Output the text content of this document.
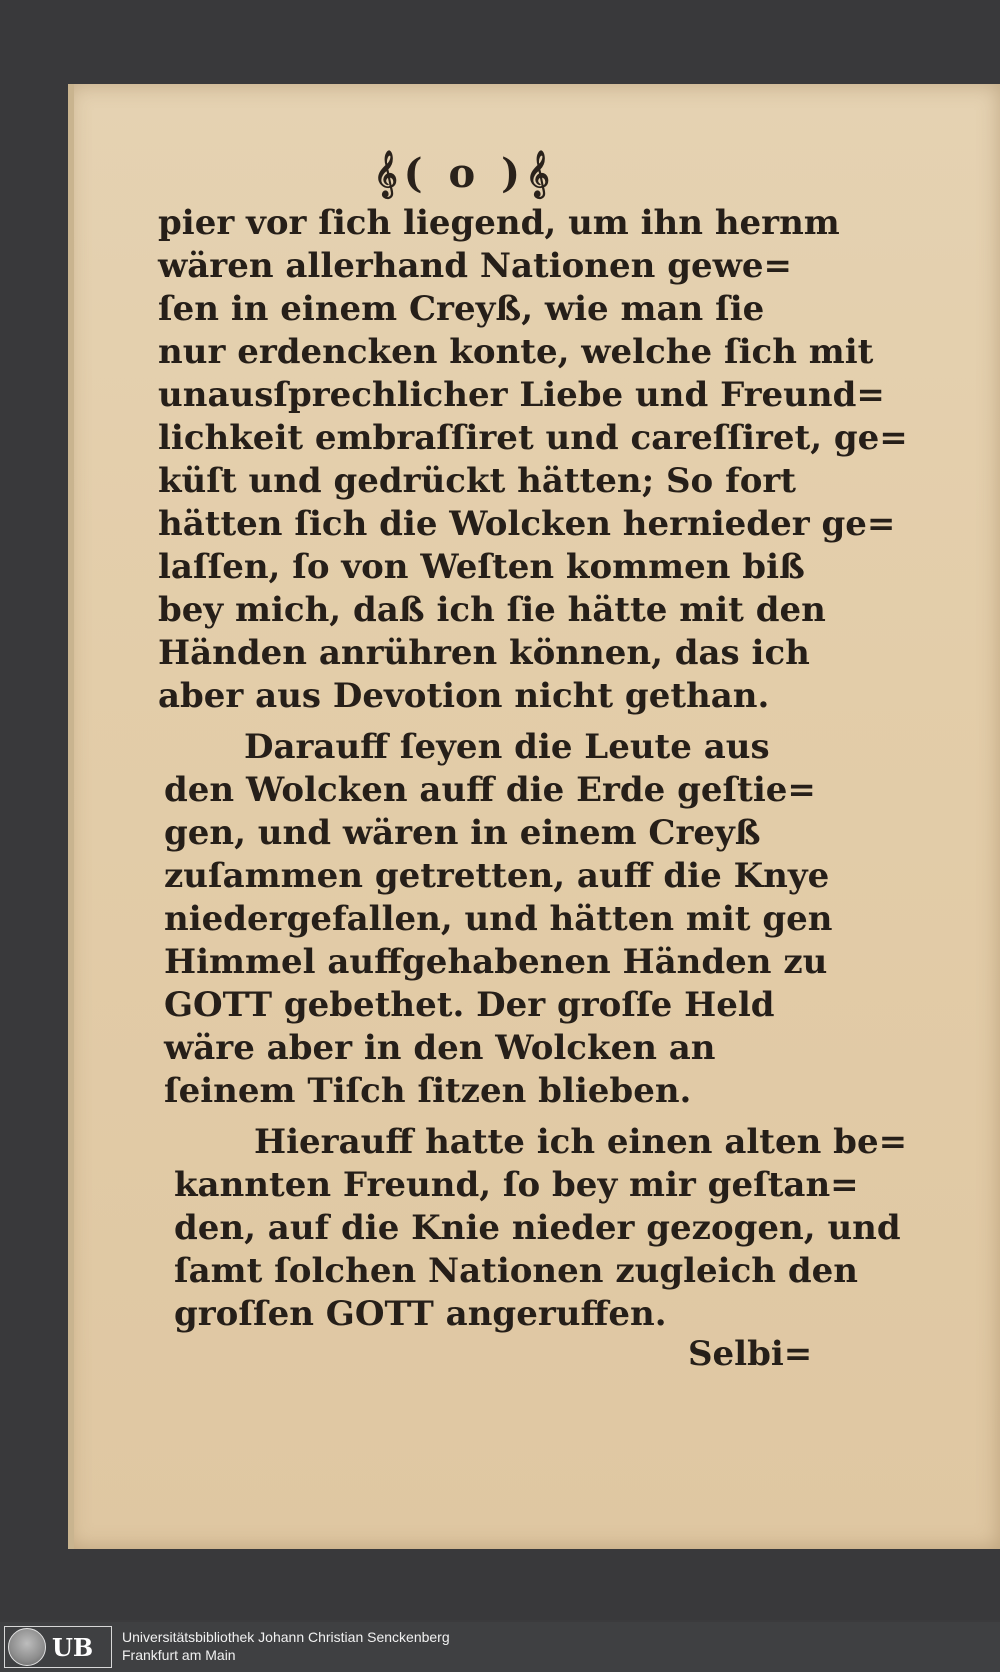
𝄞( o )𝄞
pier vor ſich liegend, um ihn hernm
wären allerhand Nationen gewe=
ſen in einem Creyß, wie man ſie
nur erdencken konte, welche ſich mit
unausſprechlicher Liebe und Freund=
lichkeit embraſſiret und careſſiret, ge=
küſt und gedrückt hätten; So fort
hätten ſich die Wolcken hernieder ge=
laſſen, ſo von Weſten kommen biß
bey mich, daß ich ſie hätte mit den
Händen anrühren können, das ich
aber aus Devotion nicht gethan.
Darauff ſeyen die Leute aus
den Wolcken auff die Erde geſtie=
gen, und wären in einem Creyß
zuſammen getretten, auff die Knye
niedergefallen, und hätten mit gen
Himmel auffgehabenen Händen zu
GOTT gebethet. Der groſſe Held
wäre aber in den Wolcken an
ſeinem Tiſch ſitzen blieben.
Hierauff hatte ich einen alten be=
kannten Freund, ſo bey mir geſtan=
den, auf die Knie nieder gezogen, und
ſamt ſolchen Nationen zugleich den
groſſen GOTT angeruffen.
Selbi=
UB Universitätsbibliothek Johann Christian Senckenberg
Frankfurt am Main
